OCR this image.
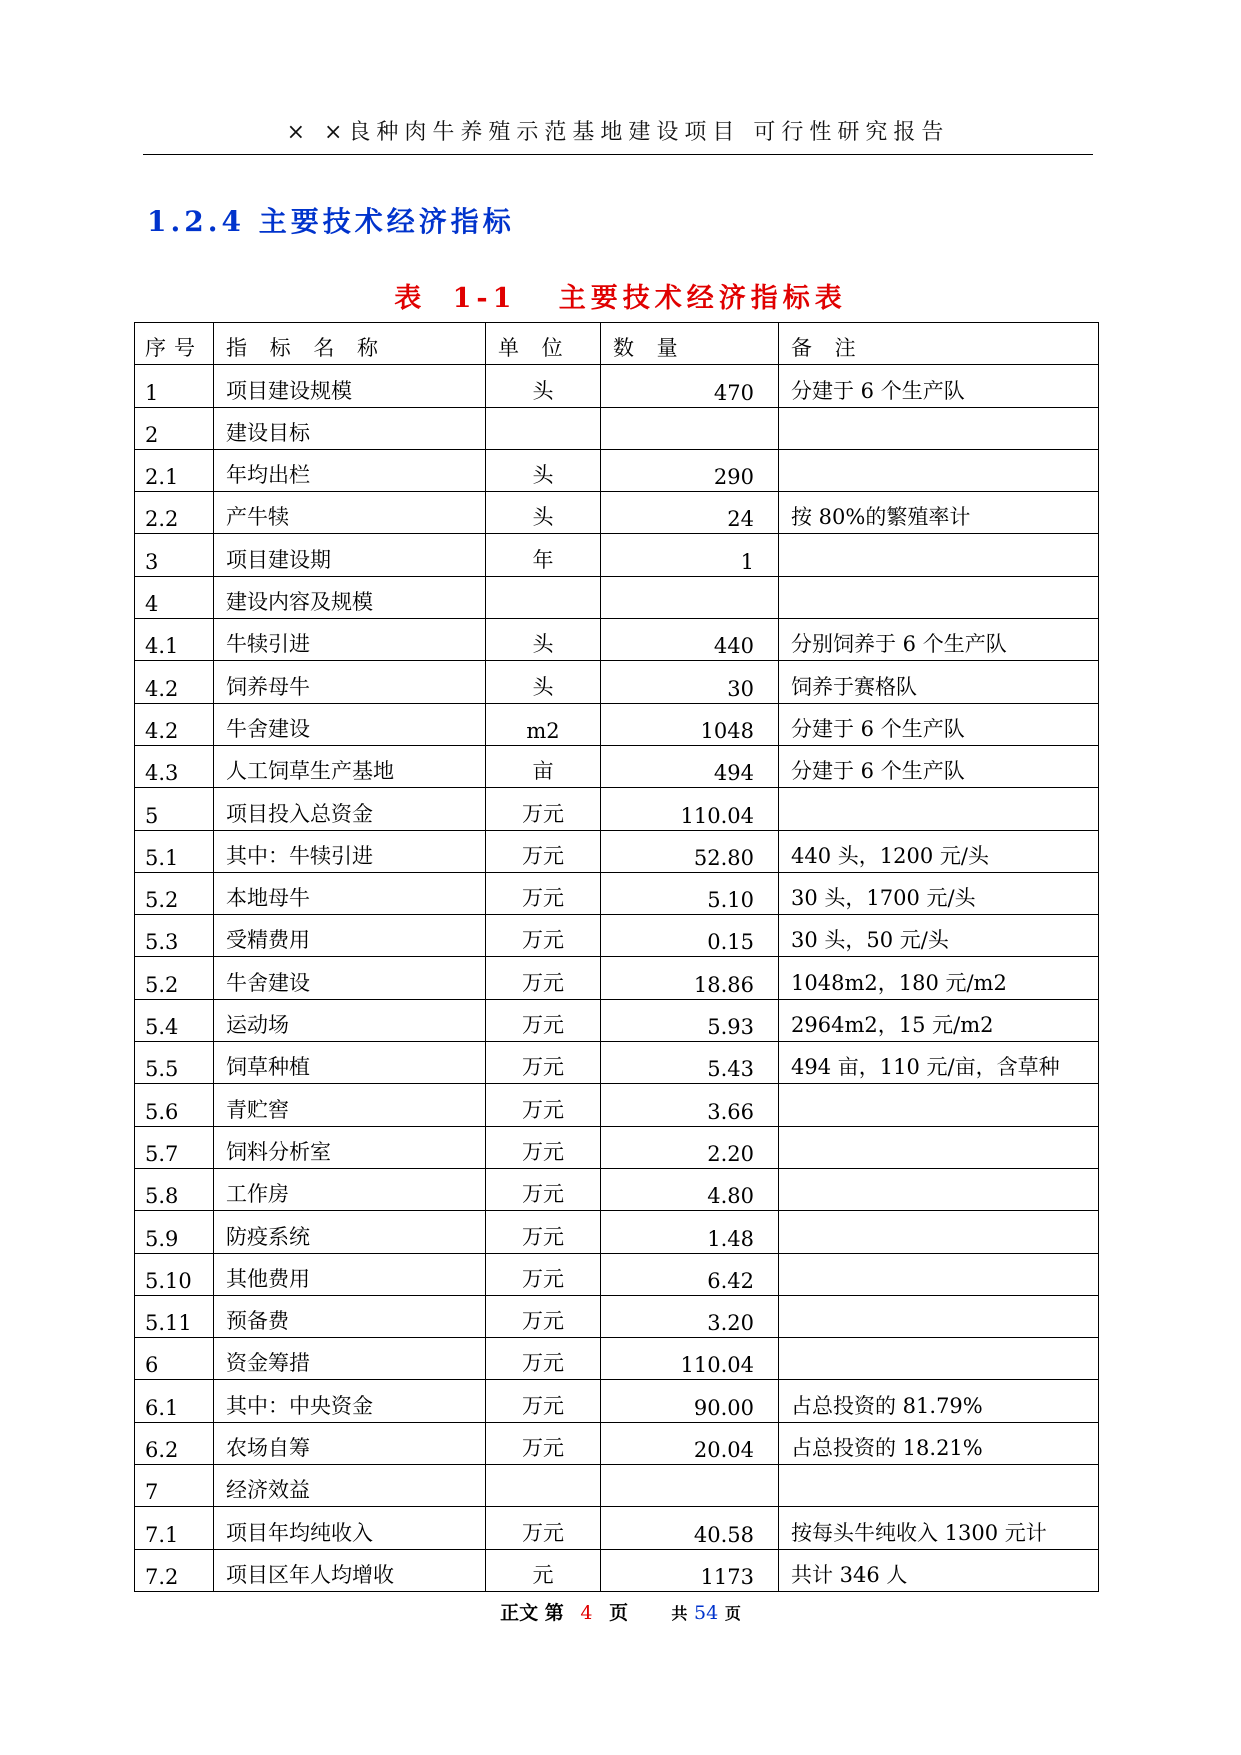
× ×良种肉牛养殖示范基地建设项目 可行性研究报告
1.2.4 主要技术经济指标
表 1-1 主要技术经济指标表
序号	指 标 名 称	单 位	数 量	备 注
1	项目建设规模	头	470	分建于 6 个生产队
2	建设目标			
2.1	年均出栏	头	290	
2.2	产牛犊	头	24	按 80%的繁殖率计
3	项目建设期	年	1	
4	建设内容及规模			
4.1	牛犊引进	头	440	分别饲养于 6 个生产队
4.2	饲养母牛	头	30	饲养于赛格队
4.2	牛舍建设	m2	1048	分建于 6 个生产队
4.3	人工饲草生产基地	亩	494	分建于 6 个生产队
5	项目投入总资金	万元	110.04	
5.1	其中：牛犊引进	万元	52.80	440 头，1200 元/头
5.2	本地母牛	万元	5.10	30 头，1700 元/头
5.3	受精费用	万元	0.15	30 头，50 元/头
5.2	牛舍建设	万元	18.86	1048m2，180 元/m2
5.4	运动场	万元	5.93	2964m2，15 元/m2
5.5	饲草种植	万元	5.43	494 亩，110 元/亩，含草种
5.6	青贮窖	万元	3.66	
5.7	饲料分析室	万元	2.20	
5.8	工作房	万元	4.80	
5.9	防疫系统	万元	1.48	
5.10	其他费用	万元	6.42	
5.11	预备费	万元	3.20	
6	资金筹措	万元	110.04	
6.1	其中：中央资金	万元	90.00	占总投资的 81.79%
6.2	农场自筹	万元	20.04	占总投资的 18.21%
7	经济效益			
7.1	项目年均纯收入	万元	40.58	按每头牛纯收入 1300 元计
7.2	项目区年人均增收	元	1173	共计 346 人
正文 第 4 页	共 54 页
